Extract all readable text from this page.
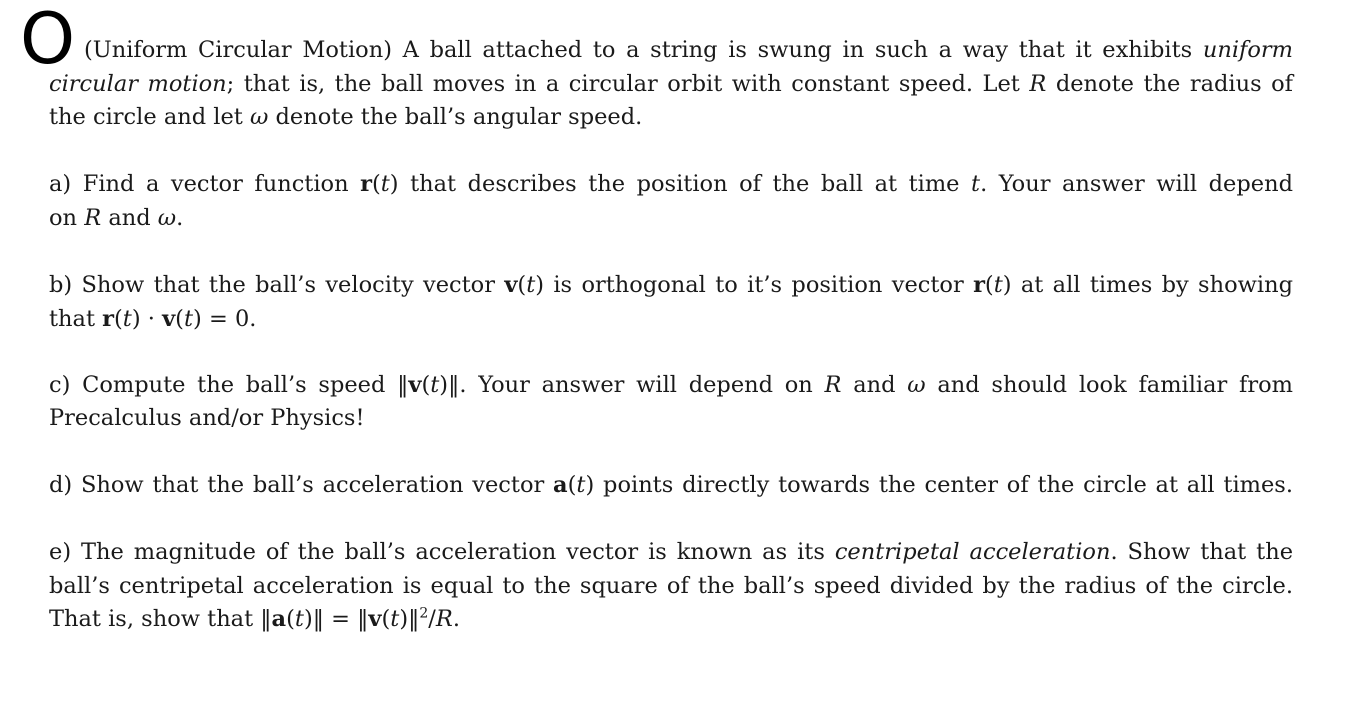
O (Uniform Circular Motion) A ball attached to a string is swung in such a way that it exhibits uniform
circular motion; that is, the ball moves in a circular orbit with constant speed. Let R denote the radius of
the circle and let ω denote the ball’s angular speed.
a) Find a vector function r(t) that describes the position of the ball at time t. Your answer will depend
on R and ω.
b) Show that the ball’s velocity vector v(t) is orthogonal to it’s position vector r(t) at all times by showing
that r(t) · v(t) = 0.
c) Compute the ball’s speed ‖v(t)‖. Your answer will depend on R and ω and should look familiar from
Precalculus and/or Physics!
d) Show that the ball’s acceleration vector a(t) points directly towards the center of the circle at all times.
e) The magnitude of the ball’s acceleration vector is known as its centripetal acceleration. Show that the
ball’s centripetal acceleration is equal to the square of the ball’s speed divided by the radius of the circle.
That is, show that ‖a(t)‖ = ‖v(t)‖$^2$/R.
